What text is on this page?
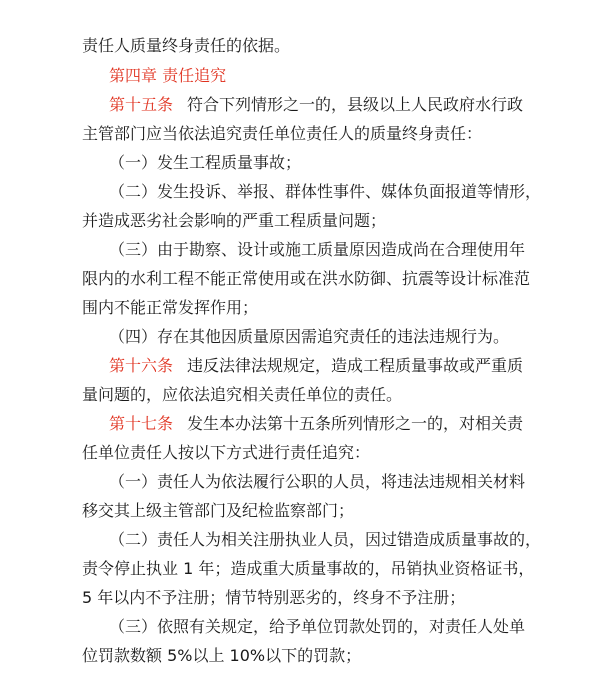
责任人质量终身责任的依据。
第四章 责任追究
第十五条 符合下列情形之一的，县级以上人民政府水行政
主管部门应当依法追究责任单位责任人的质量终身责任：
（一）发生工程质量事故；
（二）发生投诉、举报、群体性事件、媒体负面报道等情形，
并造成恶劣社会影响的严重工程质量问题；
（三）由于勘察、设计或施工质量原因造成尚在合理使用年
限内的水利工程不能正常使用或在洪水防御、抗震等设计标准范
围内不能正常发挥作用；
（四）存在其他因质量原因需追究责任的违法违规行为。
第十六条 违反法律法规规定，造成工程质量事故或严重质
量问题的，应依法追究相关责任单位的责任。
第十七条 发生本办法第十五条所列情形之一的，对相关责
任单位责任人按以下方式进行责任追究：
（一）责任人为依法履行公职的人员，将违法违规相关材料
移交其上级主管部门及纪检监察部门；
（二）责任人为相关注册执业人员，因过错造成质量事故的，
责令停止执业 1 年；造成重大质量事故的，吊销执业资格证书，
5 年以内不予注册；情节特别恶劣的，终身不予注册；
（三）依照有关规定，给予单位罚款处罚的，对责任人处单
位罚款数额 5%以上 10%以下的罚款；
